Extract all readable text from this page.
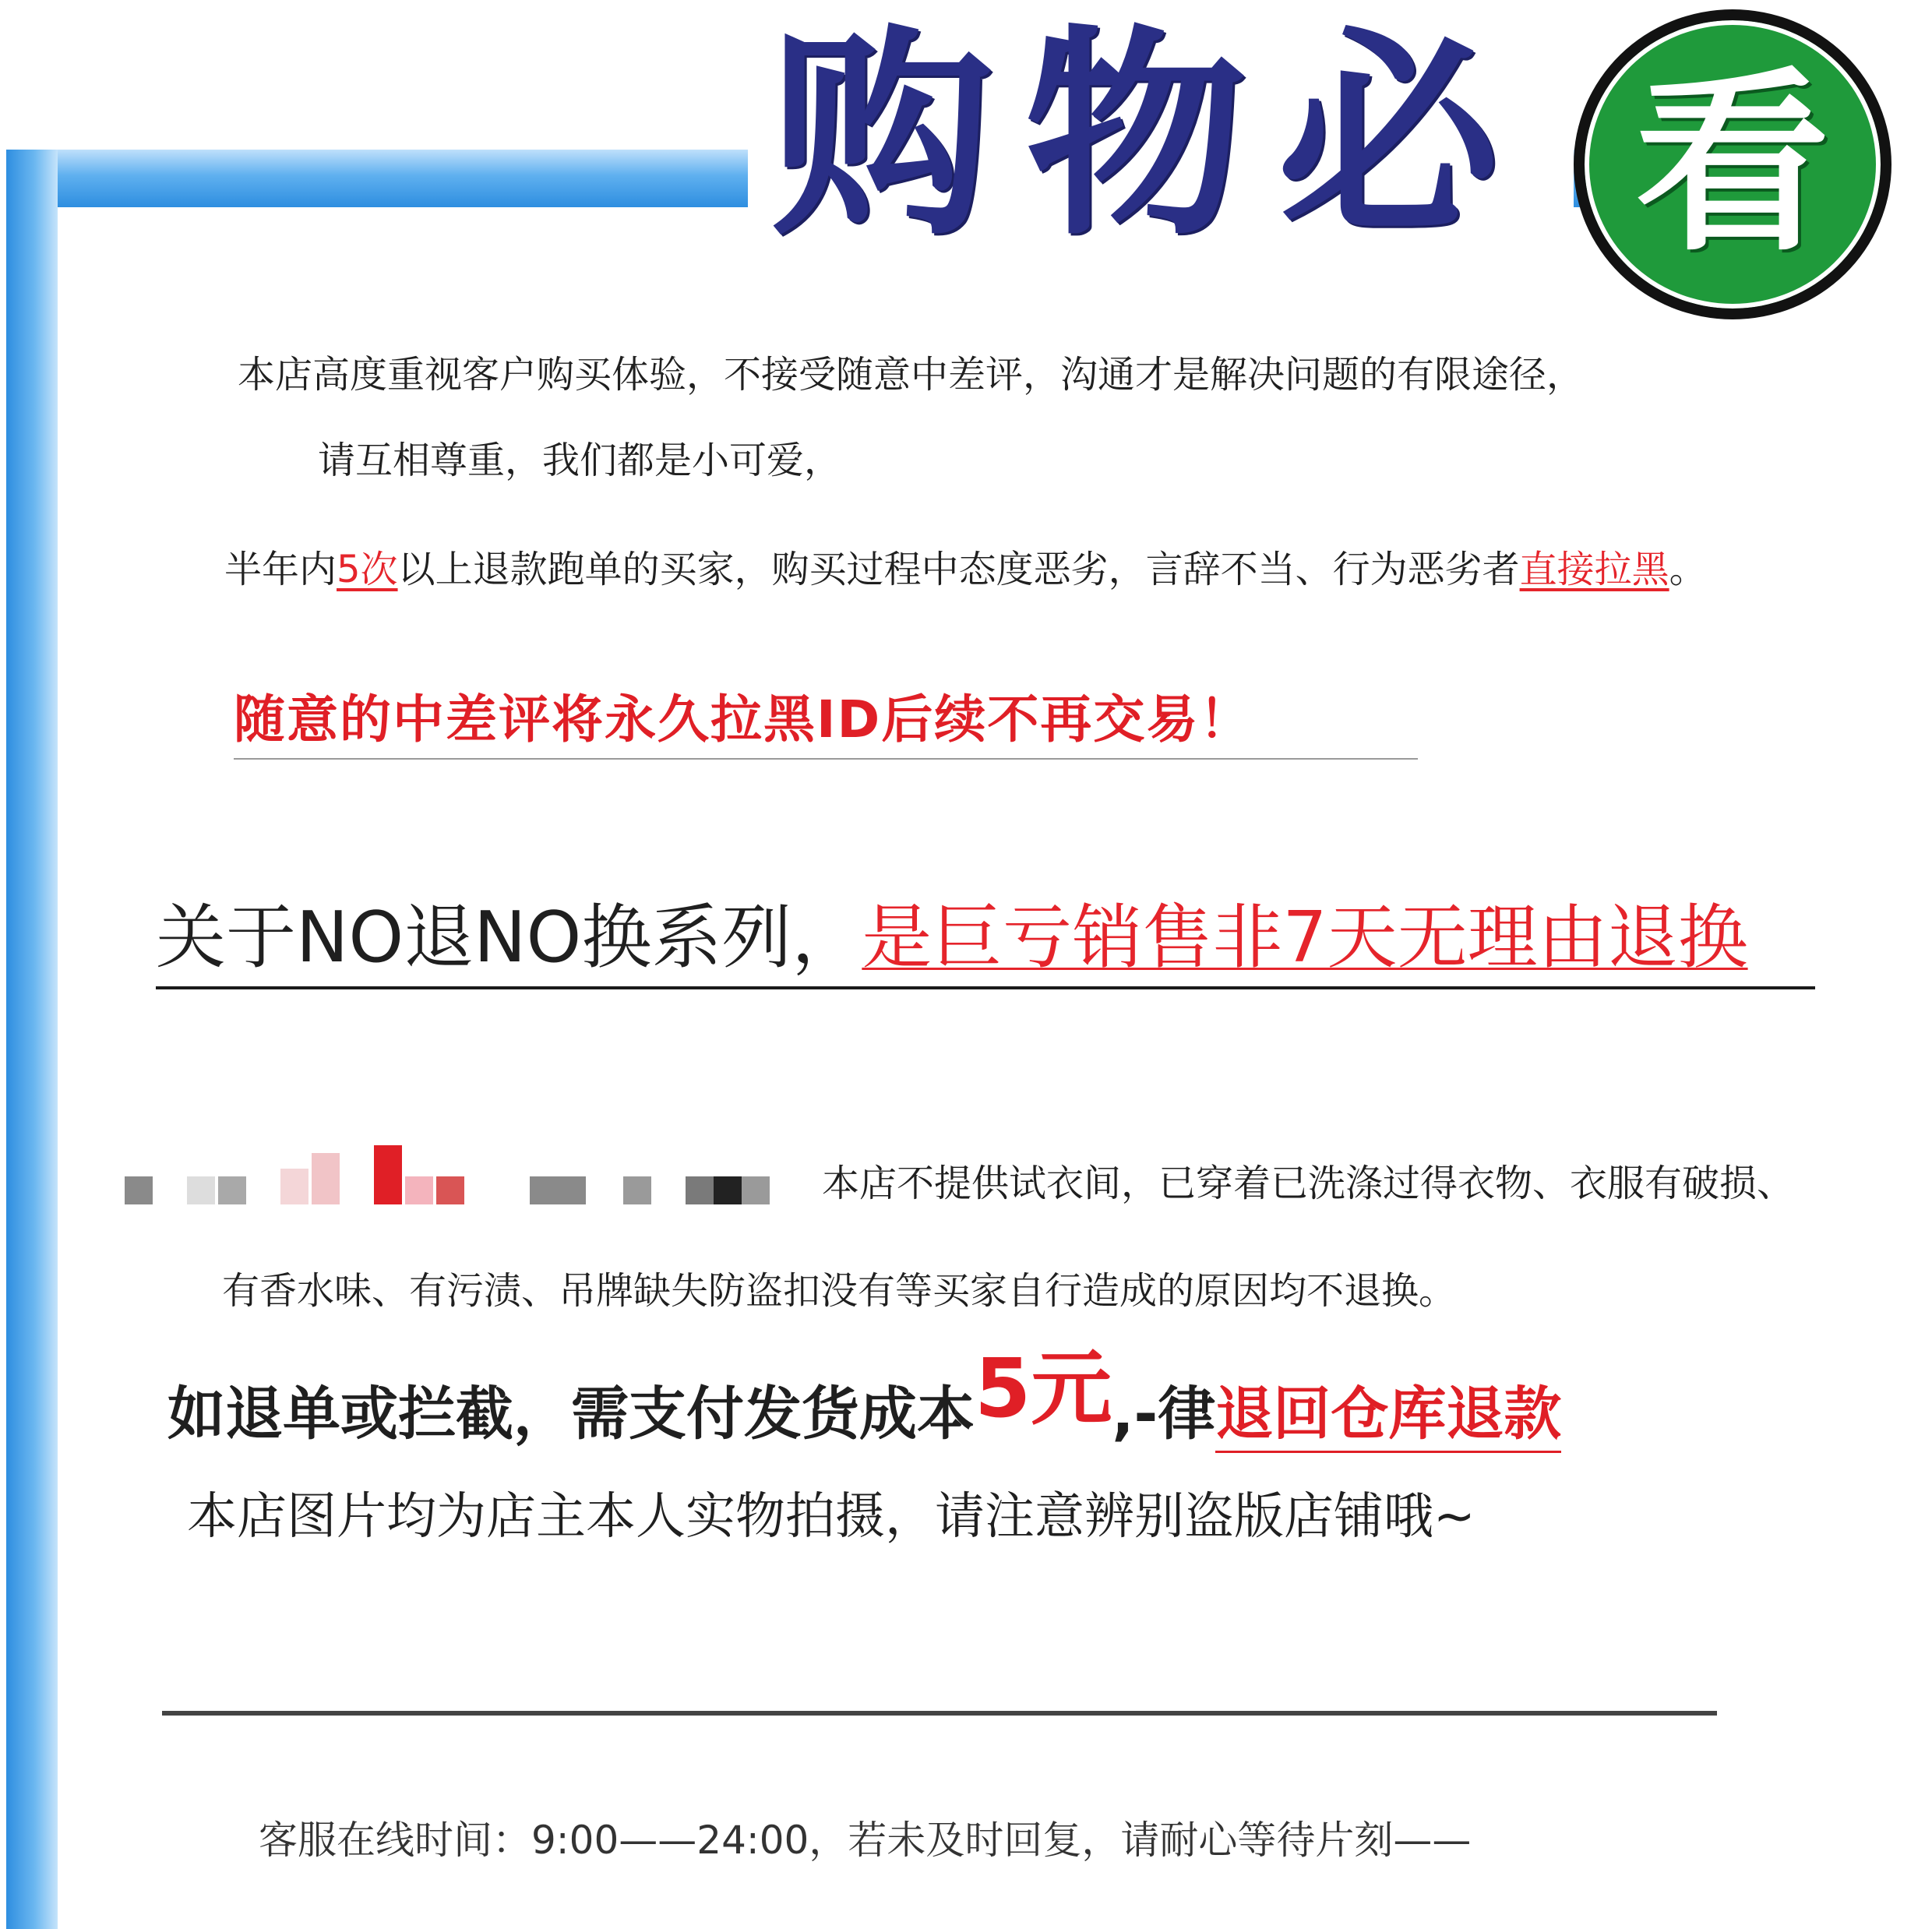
购物必 看
本店高度重视客户购买体验，不接受随意中差评，沟通才是解决问题的有限途径，
请互相尊重，我们都是小可爱，
半年内5次以上退款跑单的买家，购买过程中态度恶劣，言辞不当、行为恶劣者直接拉黑。
随意的中差评将永久拉黑ID后续不再交易！
关于NO退NO换系列，是巨亏销售非7天无理由退换
本店不提供试衣间，已穿着已洗涤过得衣物、衣服有破损、
有香水味、有污渍、吊牌缺失防盗扣没有等买家自行造成的原因均不退换。
如退单或拦截，需支付发货成本5元,-律退回仓库退款
本店图片均为店主本人实物拍摄，请注意辨别盗版店铺哦~
客服在线时间：9:00——24:00，若未及时回复，请耐心等待片刻——
